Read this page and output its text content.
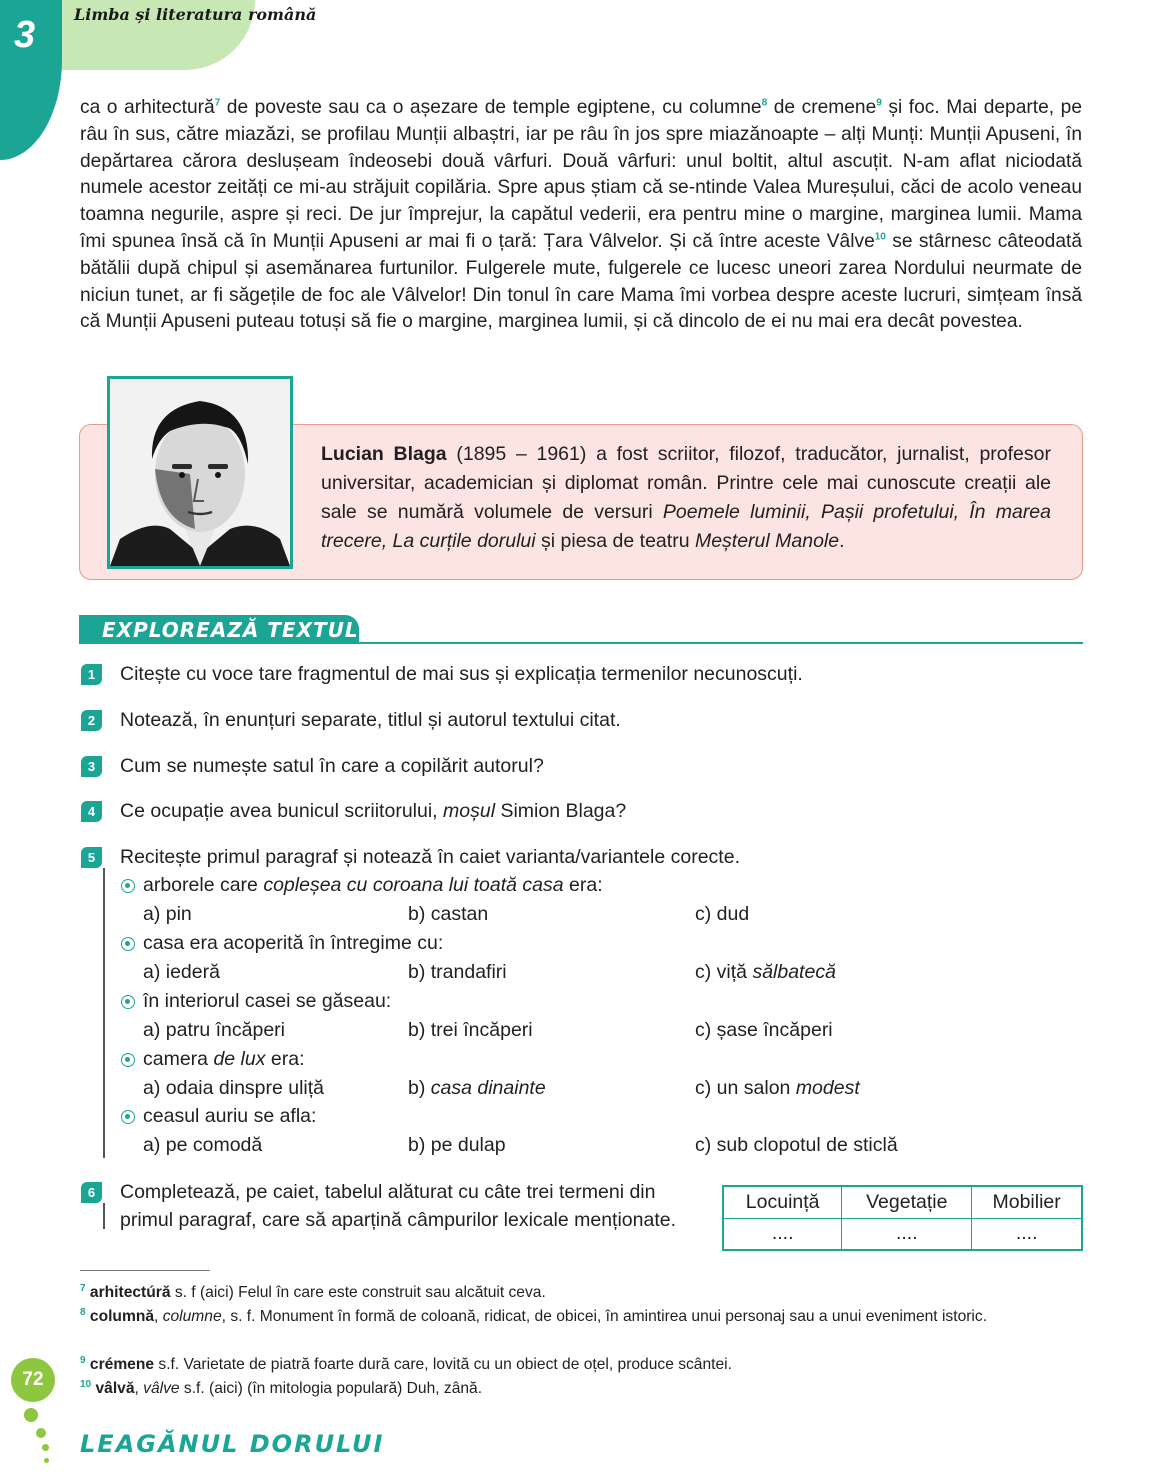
3 Limba și literatura română
ca o arhitectură$^7$ de poveste sau ca o așezare de temple egiptene, cu columne$^8$ de cremene$^9$ și foc. Mai departe, pe râu în sus, către miazăzi, se profilau Munții albaștri, iar pe râu în jos spre miazănoapte – alți Munți: Munții Apuseni, în depărtarea cărora deslușeam îndeosebi două vârfuri. Două vârfuri: unul boltit, altul ascuțit. N-am aflat niciodată numele acestor zeități ce mi-au străjuit copilăria. Spre apus știam că se-ntinde Valea Mureșului, căci de acolo veneau toamna negurile, aspre și reci. De jur împrejur, la capătul vederii, era pentru mine o margine, marginea lumii. Mama îmi spunea însă că în Munții Apuseni ar mai fi o țară: Țara Vâlvelor. Și că între aceste Vâlve$^{10}$ se stârnesc câteodată bătălii după chipul și asemănarea furtunilor. Fulgerele mute, fulgerele ce lucesc uneori zarea Nordului neurmate de niciun tunet, ar fi săgețile de foc ale Vâlvelor! Din tonul în care Mama îmi vorbea despre aceste lucruri, simțeam însă că Munții Apuseni puteau totuși să fie o margine, marginea lumii, și că dincolo de ei nu mai era decât povestea.
Lucian Blaga (1895 – 1961) a fost scriitor, filozof, traducător, jurnalist, profesor universitar, academician și diplomat român. Printre cele mai cunoscute creații ale sale se numără volumele de versuri Poemele luminii, Pașii profetului, În marea trecere, La curțile dorului și piesa de teatru Meșterul Manole.
EXPLOREAZĂ TEXTUL!
1	Citește cu voce tare fragmentul de mai sus și explicația termenilor necunoscuți.
2	Notează, în enunțuri separate, titlul și autorul textului citat.
3	Cum se numește satul în care a copilărit autorul?
4	Ce ocupație avea bunicul scriitorului, moșul Simion Blaga?
5	Recitește primul paragraf și notează în caiet varianta/variantele corecte.
arborele care copleșea cu coroana lui toată casa era:
a) pin	b) castan	c) dud
casa era acoperită în întregime cu:
a) iederă	b) trandafiri	c) viță sălbatecă
în interiorul casei se găseau:
a) patru încăperi	b) trei încăperi	c) șase încăperi
camera de lux era:
a) odaia dinspre uliță	b) casa dinainte	c) un salon modest
ceasul auriu se afla:
a) pe comodă	b) pe dulap	c) sub clopotul de sticlă
6	Completează, pe caiet, tabelul alăturat cu câte trei termeni din
primul paragraf, care să aparțină câmpurilor lexicale menționate.
Locuință	Vegetație	Mobilier
....	....	....
$^7$ arhitectúră s. f (aici) Felul în care este construit sau alcătuit ceva.
$^8$ columnă, columne, s. f. Monument în formă de coloană, ridicat, de obicei, în amintirea unui personaj sau a unui eveniment istoric.
$^9$ crémene s.f. Varietate de piatră foarte dură care, lovită cu un obiect de oțel, produce scântei.
$^{10}$ vâlvă, vâlve s.f. (aici) (în mitologia populară) Duh, zână.
72
LEAGĂNUL DORULUI
